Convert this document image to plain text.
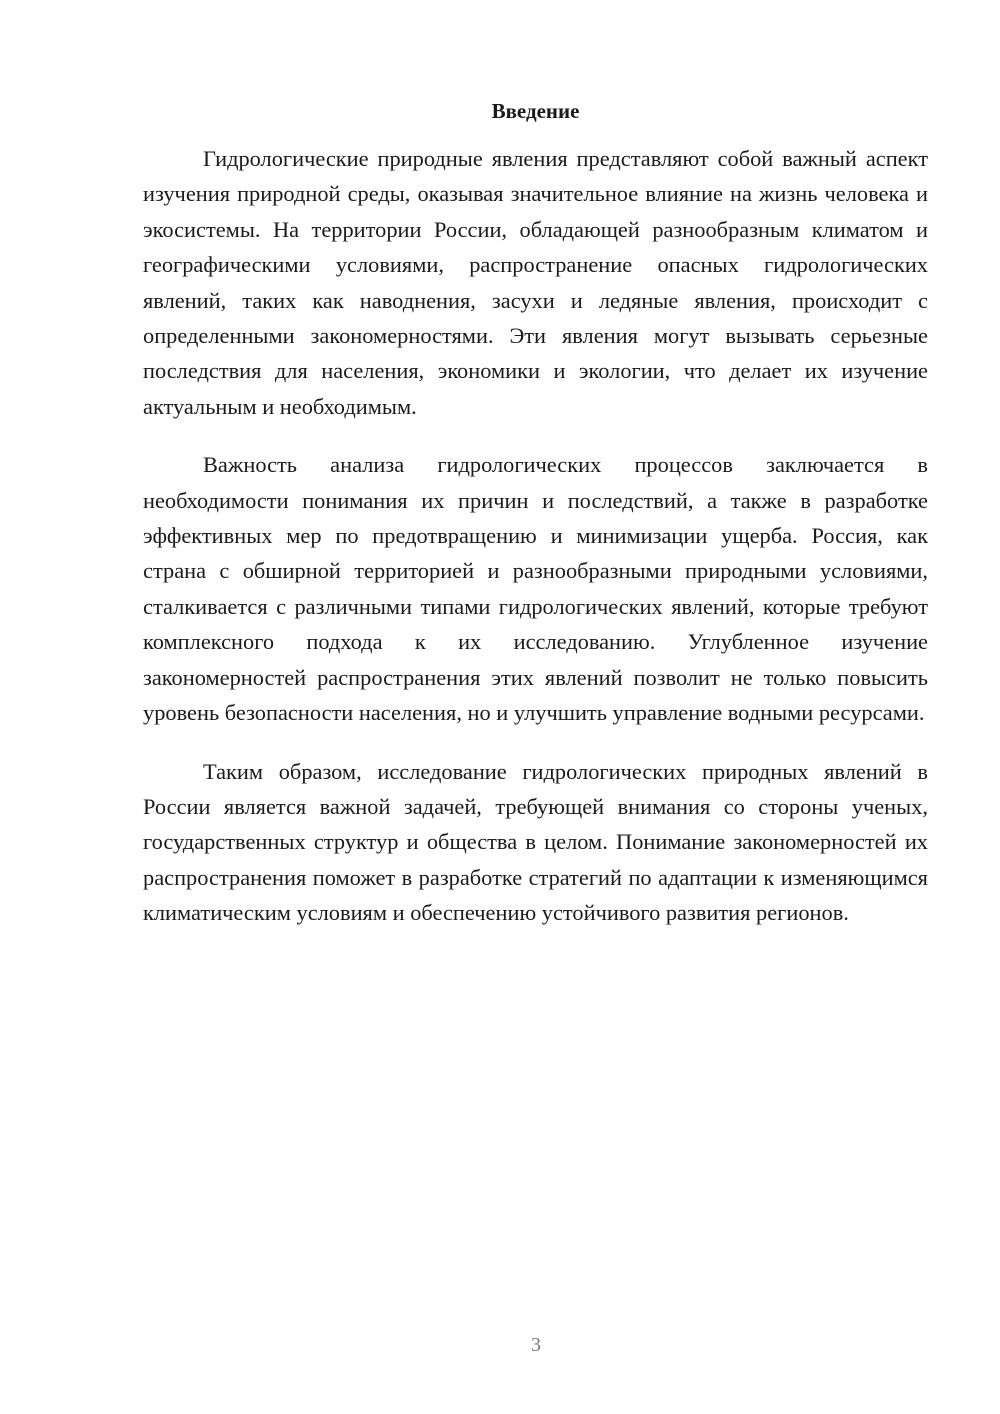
Введение

Гидрологические природные явления представляют собой важный аспект изучения природной среды, оказывая значительное влияние на жизнь человека и экосистемы. На территории России, обладающей разнообразным климатом и географическими условиями, распространение опасных гидрологических явлений, таких как наводнения, засухи и ледяные явления, происходит с определенными закономерностями. Эти явления могут вызывать серьезные последствия для населения, экономики и экологии, что делает их изучение актуальным и необходимым.

Важность анализа гидрологических процессов заключается в необходимости понимания их причин и последствий, а также в разработке эффективных мер по предотвращению и минимизации ущерба. Россия, как страна с обширной территорией и разнообразными природными условиями, сталкивается с различными типами гидрологических явлений, которые требуют комплексного подхода к их исследованию. Углубленное изучение закономерностей распространения этих явлений позволит не только повысить уровень безопасности населения, но и улучшить управление водными ресурсами.

Таким образом, исследование гидрологических природных явлений в России является важной задачей, требующей внимания со стороны ученых, государственных структур и общества в целом. Понимание закономерностей их распространения поможет в разработке стратегий по адаптации к изменяющимся климатическим условиям и обеспечению устойчивого развития регионов.

3
